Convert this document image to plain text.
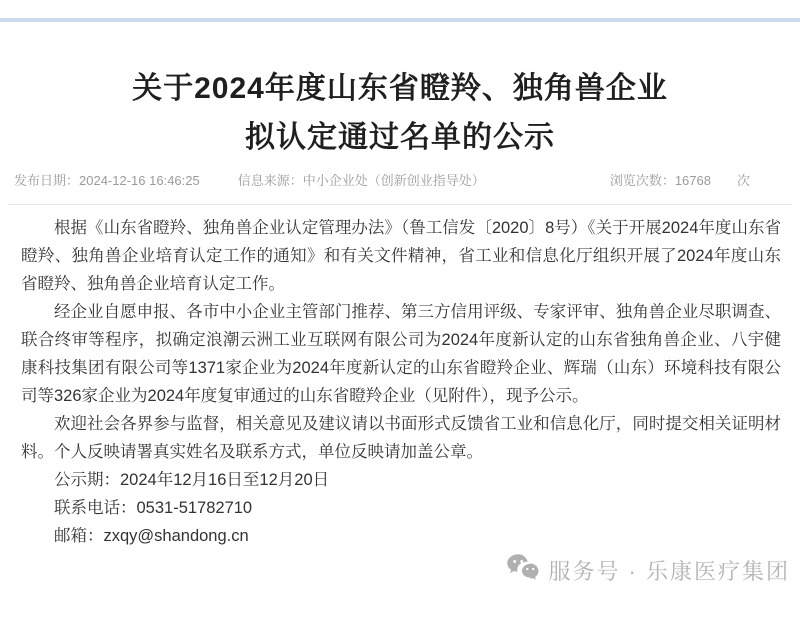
关于2024年度山东省瞪羚、独角兽企业
拟认定通过名单的公示
发布日期：2024-12-16 16:46:25	信息来源：中小企业处（创新创业指导处）	浏览次数：16768 次

根据《山东省瞪羚、独角兽企业认定管理办法》（鲁工信发〔2020〕8号）《关于开展2024年度山东省瞪羚、独角兽企业培育认定工作的通知》和有关文件精神，省工业和信息化厅组织开展了2024年度山东省瞪羚、独角兽企业培育认定工作。

经企业自愿申报、各市中小企业主管部门推荐、第三方信用评级、专家评审、独角兽企业尽职调查、联合终审等程序，拟确定浪潮云洲工业互联网有限公司为2024年度新认定的山东省独角兽企业、八宇健康科技集团有限公司等1371家企业为2024年度新认定的山东省瞪羚企业、辉瑞（山东）环境科技有限公司等326家企业为2024年度复审通过的山东省瞪羚企业（见附件），现予公示。

欢迎社会各界参与监督，相关意见及建议请以书面形式反馈省工业和信息化厅，同时提交相关证明材料。个人反映请署真实姓名及联系方式，单位反映请加盖公章。

公示期：2024年12月16日至12月20日

联系电话：0531-51782710

邮箱：zxqy@shandong.cn

服务号 · 乐康医疗集团
